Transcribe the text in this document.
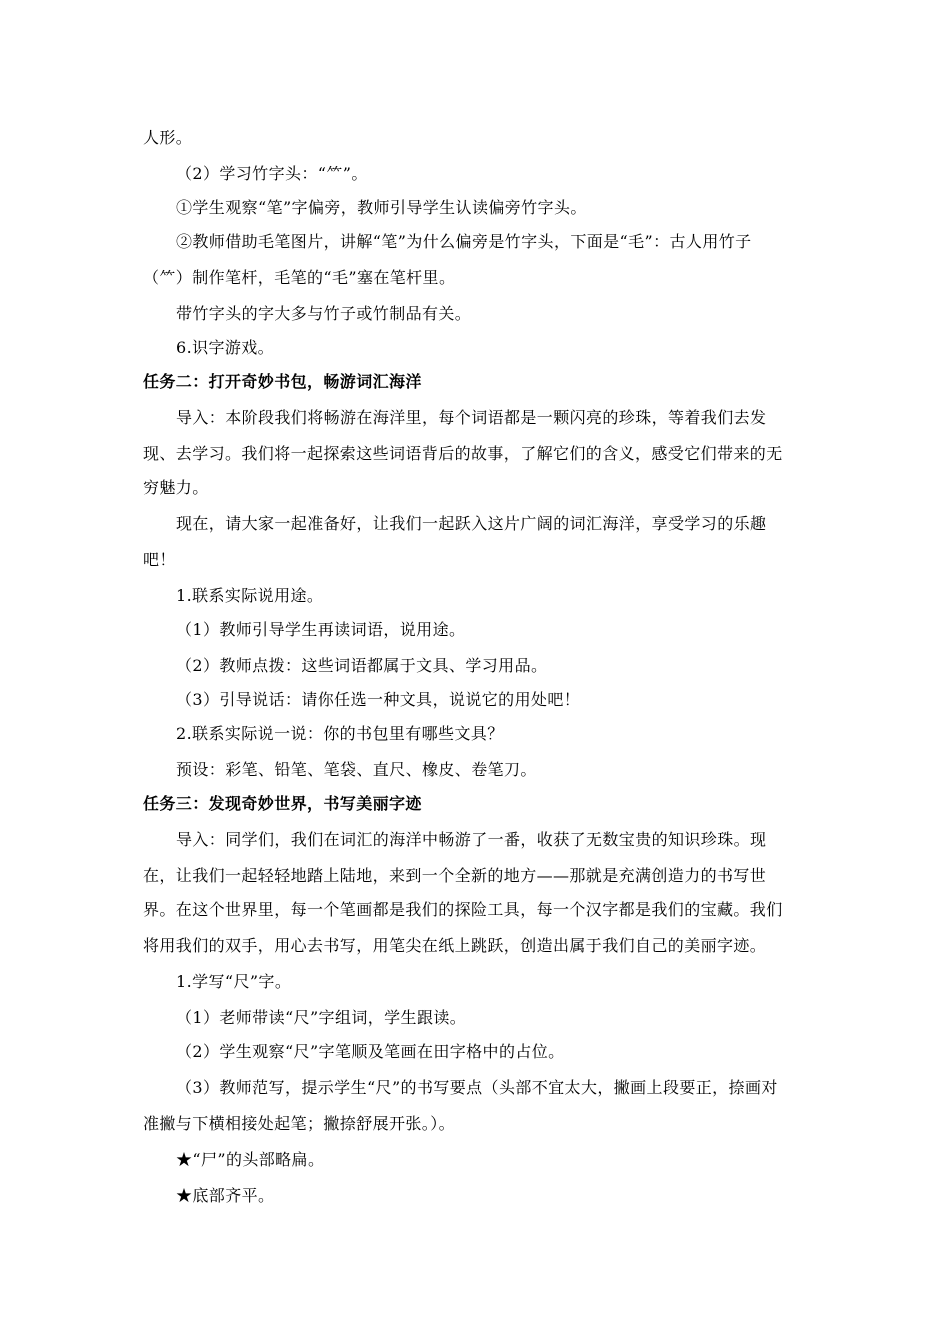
人形。
（2）学习竹字头：“⺮”。
①学生观察“笔”字偏旁，教师引导学生认读偏旁竹字头。
②教师借助毛笔图片，讲解“笔”为什么偏旁是竹字头，下面是“毛”：古人用竹子
（⺮）制作笔杆，毛笔的“毛”塞在笔杆里。
带竹字头的字大多与竹子或竹制品有关。
6.识字游戏。
任务二：打开奇妙书包，畅游词汇海洋
导入：本阶段我们将畅游在海洋里，每个词语都是一颗闪亮的珍珠，等着我们去发
现、去学习。我们将一起探索这些词语背后的故事，了解它们的含义，感受它们带来的无
穷魅力。
现在，请大家一起准备好，让我们一起跃入这片广阔的词汇海洋，享受学习的乐趣
吧！
1.联系实际说用途。
（1）教师引导学生再读词语，说用途。
（2）教师点拨：这些词语都属于文具、学习用品。
（3）引导说话：请你任选一种文具，说说它的用处吧！
2.联系实际说一说：你的书包里有哪些文具？
预设：彩笔、铅笔、笔袋、直尺、橡皮、卷笔刀。
任务三：发现奇妙世界，书写美丽字迹
导入：同学们，我们在词汇的海洋中畅游了一番，收获了无数宝贵的知识珍珠。现
在，让我们一起轻轻地踏上陆地，来到一个全新的地方——那就是充满创造力的书写世
界。在这个世界里，每一个笔画都是我们的探险工具，每一个汉字都是我们的宝藏。我们
将用我们的双手，用心去书写，用笔尖在纸上跳跃，创造出属于我们自己的美丽字迹。
1.学写“尺”字。
（1）老师带读“尺”字组词，学生跟读。
（2）学生观察“尺”字笔顺及笔画在田字格中的占位。
（3）教师范写，提示学生“尺”的书写要点（头部不宜太大，撇画上段要正，捺画对
准撇与下横相接处起笔；撇捺舒展开张。）。
★“尸”的头部略扁。
★底部齐平。
